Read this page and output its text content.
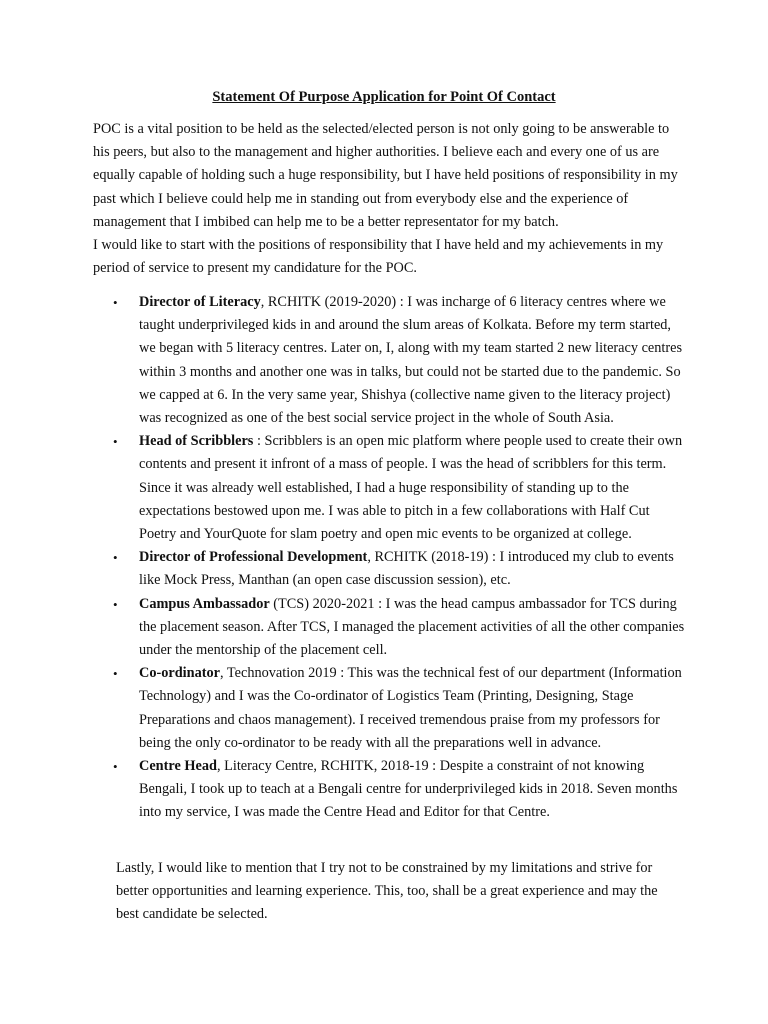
Statement Of Purpose Application for Point Of Contact

POC is a vital position to be held as the selected/elected person is not only going to be answerable to his peers, but also to the management and higher authorities. I believe each and every one of us are equally capable of holding such a huge responsibility, but I have held positions of responsibility in my past which I believe could help me in standing out from everybody else and the experience of management that I imbibed can help me to be a better representator for my batch.

I would like to start with the positions of responsibility that I have held and my achievements in my period of service to present my candidature for the POC.

• Director of Literacy, RCHITK (2019-2020) : I was incharge of 6 literacy centres where we taught underprivileged kids in and around the slum areas of Kolkata. Before my term started, we began with 5 literacy centres. Later on, I, along with my team started 2 new literacy centres within 3 months and another one was in talks, but could not be started due to the pandemic. So we capped at 6. In the very same year, Shishya (collective name given to the literacy project) was recognized as one of the best social service project in the whole of South Asia.
• Head of Scribblers : Scribblers is an open mic platform where people used to create their own contents and present it infront of a mass of people. I was the head of scribblers for this term. Since it was already well established, I had a huge responsibility of standing up to the expectations bestowed upon me. I was able to pitch in a few collaborations with Half Cut Poetry and YourQuote for slam poetry and open mic events to be organized at college.
• Director of Professional Development, RCHITK (2018-19) : I introduced my club to events like Mock Press, Manthan (an open case discussion session), etc.
• Campus Ambassador (TCS) 2020-2021 : I was the head campus ambassador for TCS during the placement season. After TCS, I managed the placement activities of all the other companies under the mentorship of the placement cell.
• Co-ordinator, Technovation 2019 : This was the technical fest of our department (Information Technology) and I was the Co-ordinator of Logistics Team (Printing, Designing, Stage Preparations and chaos management). I received tremendous praise from my professors for being the only co-ordinator to be ready with all the preparations well in advance.
• Centre Head, Literacy Centre, RCHITK, 2018-19 : Despite a constraint of not knowing Bengali, I took up to teach at a Bengali centre for underprivileged kids in 2018. Seven months into my service, I was made the Centre Head and Editor for that Centre.

Lastly, I would like to mention that I try not to be constrained by my limitations and strive for better opportunities and learning experience. This, too, shall be a great experience and may the best candidate be selected.
